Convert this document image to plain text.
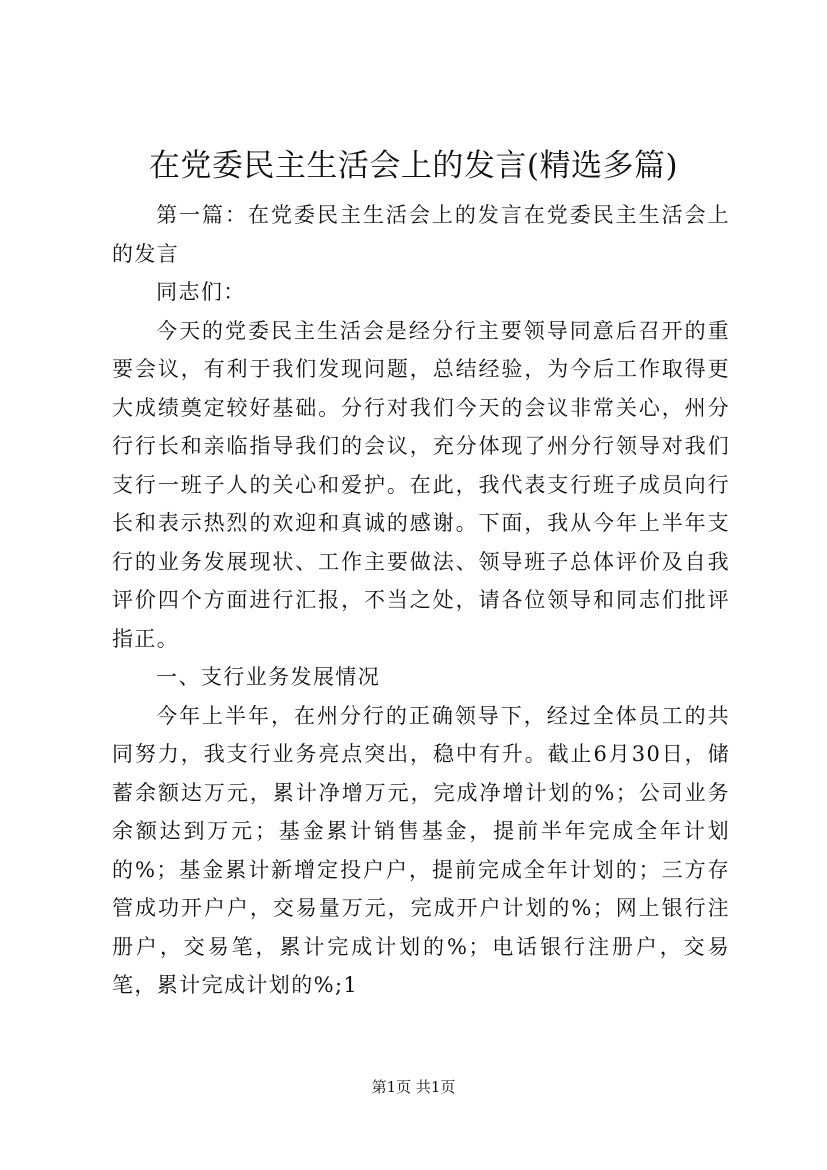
在党委民主生活会上的发言(精选多篇)

第一篇：在党委民主生活会上的发言在党委民主生活会上的发言

同志们：

今天的党委民主生活会是经分行主要领导同意后召开的重要会议，有利于我们发现问题，总结经验，为今后工作取得更大成绩奠定较好基础。分行对我们今天的会议非常关心，州分行行长和亲临指导我们的会议，充分体现了州分行领导对我们支行一班子人的关心和爱护。在此，我代表支行班子成员向行长和表示热烈的欢迎和真诚的感谢。下面，我从今年上半年支行的业务发展现状、工作主要做法、领导班子总体评价及自我评价四个方面进行汇报，不当之处，请各位领导和同志们批评指正。

一、支行业务发展情况

今年上半年，在州分行的正确领导下，经过全体员工的共同努力，我支行业务亮点突出，稳中有升。截止6月30日，储蓄余额达万元，累计净增万元，完成净增计划的%；公司业务余额达到万元；基金累计销售基金，提前半年完成全年计划的%；基金累计新增定投户户，提前完成全年计划的；三方存管成功开户户，交易量万元，完成开户计划的%；网上银行注册户，交易笔，累计完成计划的%；电话银行注册户，交易笔，累计完成计划的%;1

第1页 共1页
